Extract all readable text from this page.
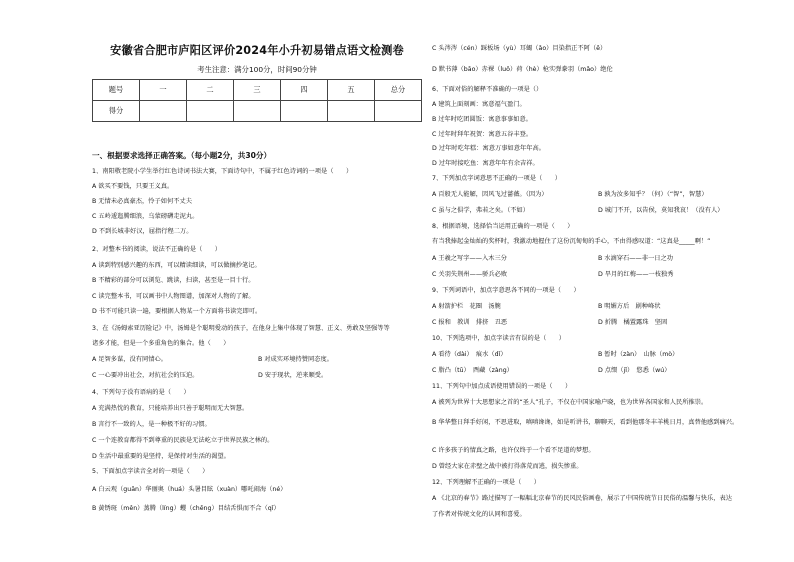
安徽省合肥市庐阳区评价2024年小升初易错点语文检测卷
考生注意：满分100分，时间90分钟
题号	一	二	三	四	五	总分
得分						
一、根据要求选择正确答案。（每小题2分，共30分）
1、南阳敬老院小学生举行红色诗词书法大赛，下面诗句中，不属于红色诗词的一项是（　　）
A 欲买不要钱，只要王义真。
B 无情未必真豪杰，怜子如何不丈夫
C 五岭逶迤腾细浪，乌蒙磅礴走泥丸。
D 不到长城非好汉，屈指行程二万。
2、对整本书的阅读，说法不正确的是（　　）
A 读到特别感兴趣的东西，可以精读细读，可以做摘抄笔记。
B 不精彩的部分可以浏览、跳读，扫读，甚至是一目十行。
C 读完整本书，可以画书中人物图谱，加深对人物的了解。
D 书不可能只读一遍，要根据人物某一个方面将书读完即可。
3、在《汤姆索亚历险记》中，汤姆是个聪明爱动的孩子，在他身上集中体现了智慧、正义、勇敢及坚强等等
诸多才能，但是一个多重角色的集合。他（　　）
A 足智多谋，没有同情心。	B 对成实环境持赞同态度。
C 一心要冲出社会，对抗社会的压迫。	D 安于现状，逆来顺受。
4、下列句子没有语病的是（　　）
A 充满热忱的教育，只能培养出只善于聪明而无大智慧。
B 言行不一致的人，是一种极不好的习惯。
C 一个连教育都得不到尊重的民族是无法屹立于世界民族之林的。
D 生活中最重要的是坚持，是保持对生活的渴望。
5、下面加点字读音全对的一项是（　　）
A 白云观（guān）华丽奥（huá）头暑目眩（xuàn）哪吒闹海（né）
B 黄锈斑（měn）蒸腾（líng）蠼（chēng）目结舌惧而不合（qǐ）
C 头涔涔（cén）踩板场（yù）耳蝎（ǎo）目染指正不阿（ē）
D 默书薄（bāo）赤裸（luǒ）荷（hè）枪实弹豢羽（mǎo）绝伦
6、下面对俗的解释不准确的一项是（）
A 建筑上面刻画：寓意福气盈门。
B 过年时吃团圆饭：寓意事事如意。
C 过年时拜年祝贺：寓意五谷丰登。
D 过年时吃年糕：寓意万事如意年年高。
D 过年时接吃鱼：寓意年年有余吉祥。
7、下列加点字词意思不正确的一项是（　　）
A 百般无人能解，因风飞过蔷薇。（因为）	B 孰为汝多知乎？（何）（“智”，智慧）
C 虽与之俱学，弗若之矣。（不如）	D 城门不开，以告侯，莫知我哀！（没有人）
8、根据语境，选择恰当运用正确的一项是（　　）
有当我捧起金灿灿的奖杯时，我激动地握住了这份沉甸甸的手心，不由得感叹道：“这真是_____啊！”
A 王羲之写字——入木三分	B 水滴穿石——非一日之功
C 关羽失荆州——骄兵必败	D 旱月的红梅——一枝独秀
9、下列词语中，加点字意思各不同的一项是（　　）
A 射箭护栏　花圈　汤腕	B 明媚方后　剧种峰状
C 报和　教训　排挤　丑恶	D 折腾　橘置露珠　坚固
10、下列选项中，加点字读音有误的是（　　）
A 看待（dài）　痕水（dǐ）	B 暂时（zàn）　山脉（mò）
C 脂凸（tū）　酉藏（zàng）	D 点缀（jǐ）　悠悉（wú）
11、下列句中加点成语使用错误的一项是（　　）
A 被列为世界十大思想家之首的“圣人”孔子，不仅在中国家喻户晓，也为世界各国家和人民所推崇。
B 华华整日拜手好闲，不思进取，嗔嗔谗谗，如是听讲书，聊聊天，看到他那冬丰羊桃日月，真替他感到痛兴。
C 许多孩子的情真之路，也许仅终于一个看不足道的梦想。
D 曾经大家在赤壁之战中被打得落荒而逃，损失惨重。
12、下列理解不正确的一项是（　　）
A 《北京的春节》路过描写了一幅幅北京春节的民风民俗画卷，展示了中国传统节日民俗的温馨与快乐，表达
了作者对传统文化的认同和喜爱。
